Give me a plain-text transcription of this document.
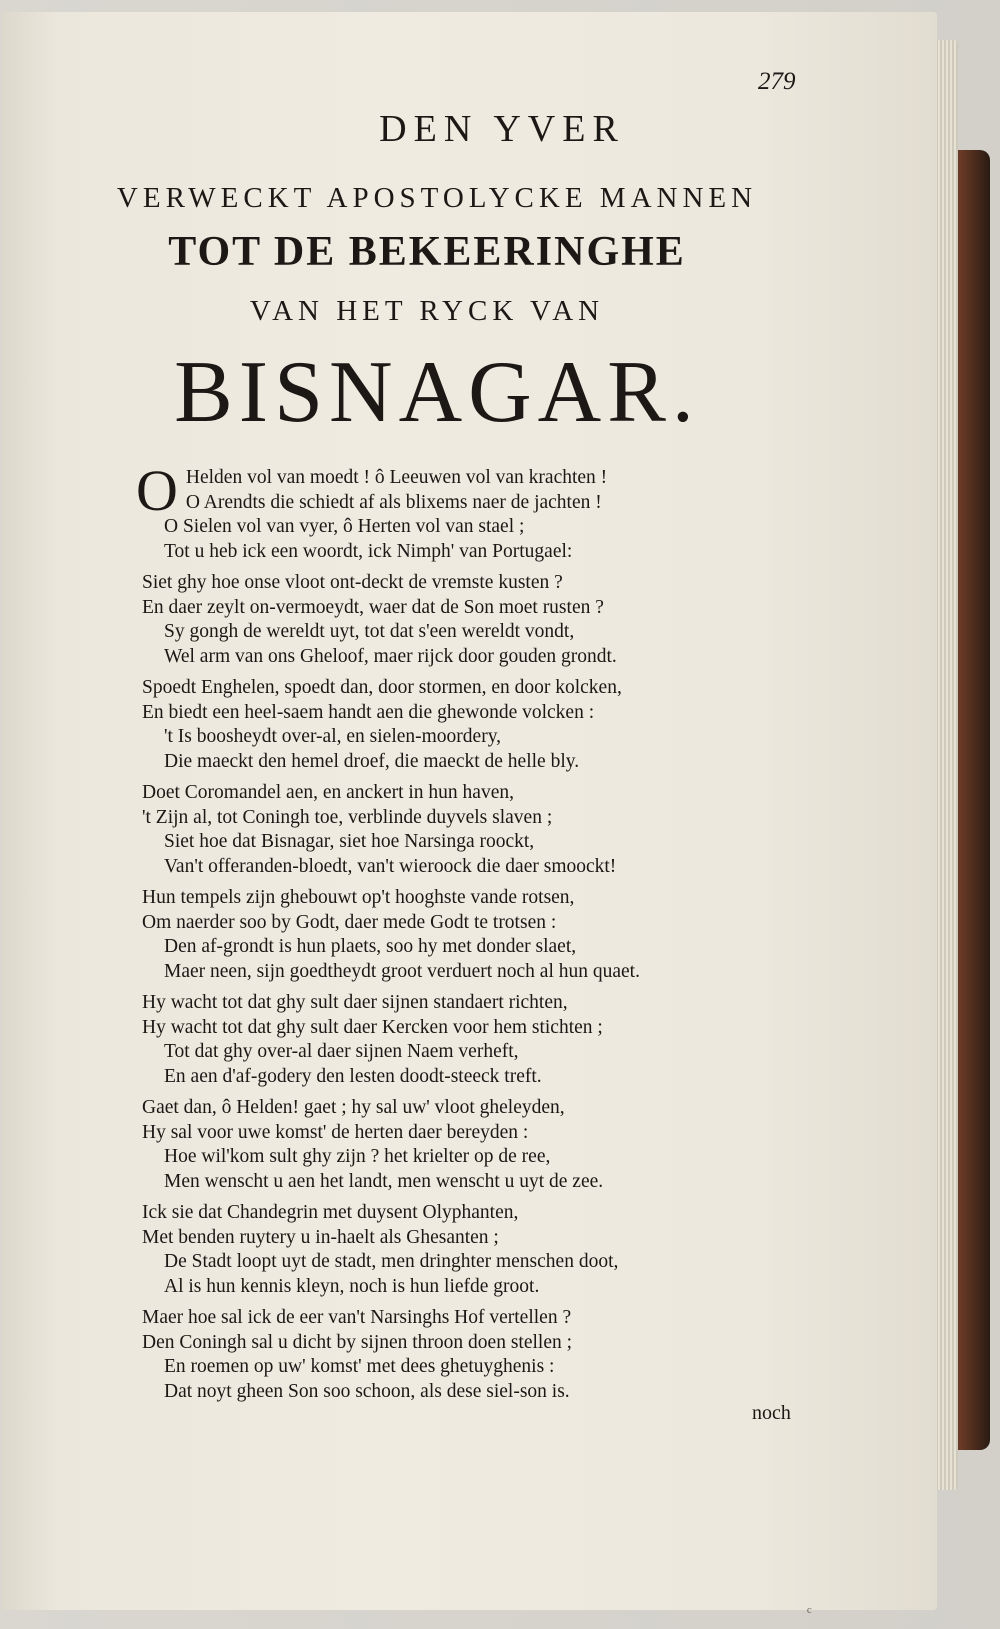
279
DEN YVER
VERWECKT APOSTOLYCKE MANNEN
TOT DE BEKEERINGHE
VAN HET RYCK VAN
BISNAGAR.
O Helden vol van moedt ! ô Leeuwen vol van krachten !
O Arendts die schiedt af als blixems naer de jachten !
O Sielen vol van vyer, ô Herten vol van stael ;
Tot u heb ick een woordt, ick Nimph' van Portugael:
Siet ghy hoe onse vloot ont-deckt de vremste kusten ?
En daer zeylt on-vermoeydt, waer dat de Son moet rusten ?
Sy gongh de wereldt uyt, tot dat s'een wereldt vondt,
Wel arm van ons Gheloof, maer rijck door gouden grondt.
Spoedt Enghelen, spoedt dan, door stormen, en door kolcken,
En biedt een heel-saem handt aen die ghewonde volcken :
't Is boosheydt over-al, en sielen-moordery,
Die maeckt den hemel droef, die maeckt de helle bly.
Doet Coromandel aen, en anckert in hun haven,
't Zijn al, tot Coningh toe, verblinde duyvels slaven ;
Siet hoe dat Bisnagar, siet hoe Narsinga roockt,
Van't offeranden-bloedt, van't wieroock die daer smoockt!
Hun tempels zijn ghebouwt op't hooghste vande rotsen,
Om naerder soo by Godt, daer mede Godt te trotsen :
Den af-grondt is hun plaets, soo hy met donder slaet,
Maer neen, sijn goedtheydt groot verduert noch al hun quaet.
Hy wacht tot dat ghy sult daer sijnen standaert richten,
Hy wacht tot dat ghy sult daer Kercken voor hem stichten ;
Tot dat ghy over-al daer sijnen Naem verheft,
En aen d'af-godery den lesten doodt-steeck treft.
Gaet dan, ô Helden! gaet ; hy sal uw' vloot gheleyden,
Hy sal voor uwe komst' de herten daer bereyden :
Hoe wil'kom sult ghy zijn ? het krielter op de ree,
Men wenscht u aen het landt, men wenscht u uyt de zee.
Ick sie dat Chandegrin met duysent Olyphanten,
Met benden ruytery u in-haelt als Ghesanten ;
De Stadt loopt uyt de stadt, men dringhter menschen doot,
Al is hun kennis kleyn, noch is hun liefde groot.
Maer hoe sal ick de eer van't Narsinghs Hof vertellen ?
Den Coningh sal u dicht by sijnen throon doen stellen ;
En roemen op uw' komst' met dees ghetuyghenis :
Dat noyt gheen Son soo schoon, als dese siel-son is.
noch
ᶜ
